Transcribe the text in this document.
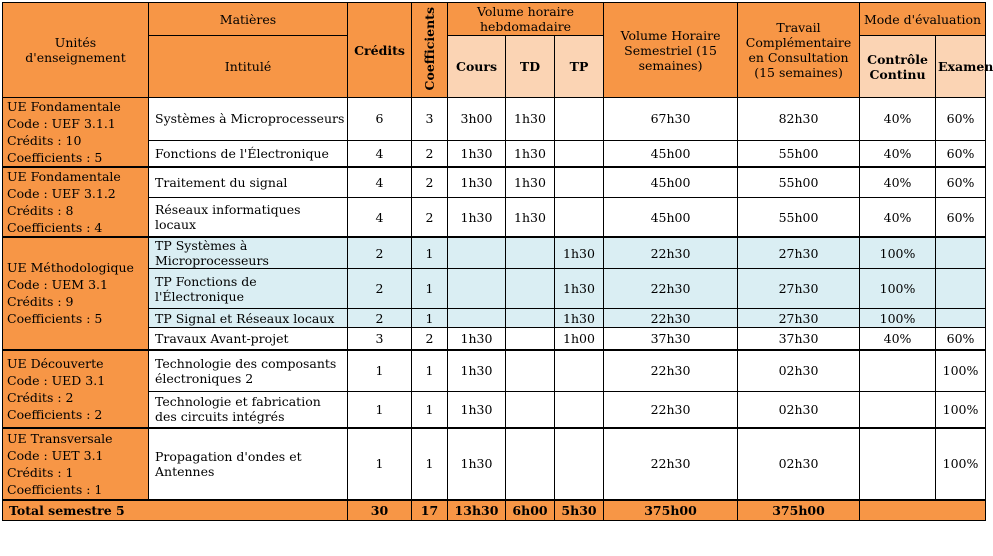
Unités
d'enseignement	Matières	Crédits	Coefficients	Volume horaire hebdomadaire			Volume Horaire Semestriel (15 semaines)	Travail Complémentaire en Consultation (15 semaines)	Mode d'évaluation	
	Intitulé			Cours	TD	TP			Contrôle Continu	Examen

UE Fondamentale
Code : UEF 3.1.1
Crédits : 10
Coefficients : 5	Systèmes à Microprocesseurs	6	3	3h00	1h30		67h30	82h30	40%	60%
	Fonctions de l'Électronique	4	2	1h30	1h30		45h00	55h00	40%	60%

UE Fondamentale
Code : UEF 3.1.2
Crédits : 8
Coefficients : 4	Traitement du signal	4	2	1h30	1h30		45h00	55h00	40%	60%
	Réseaux informatiques locaux	4	2	1h30	1h30		45h00	55h00	40%	60%

UE Méthodologique
Code : UEM 3.1
Crédits : 9
Coefficients : 5	TP Systèmes à Microprocesseurs	2	1			1h30	22h30	27h30	100%	
	TP Fonctions de l'Électronique	2	1			1h30	22h30	27h30	100%	
	TP Signal et Réseaux locaux	2	1			1h30	22h30	27h30	100%	
	Travaux Avant-projet	3	2	1h30		1h00	37h30	37h30	40%	60%

UE Découverte
Code : UED 3.1
Crédits : 2
Coefficients : 2	Technologie des composants électroniques 2	1	1	1h30			22h30	02h30		100%
	Technologie et fabrication des circuits intégrés	1	1	1h30			22h30	02h30		100%

UE Transversale
Code : UET 3.1
Crédits : 1
Coefficients : 1	Propagation d'ondes et Antennes	1	1	1h30			22h30	02h30		100%
Total semestre 5		30	17	13h30	6h00	5h30	375h00	375h00		
